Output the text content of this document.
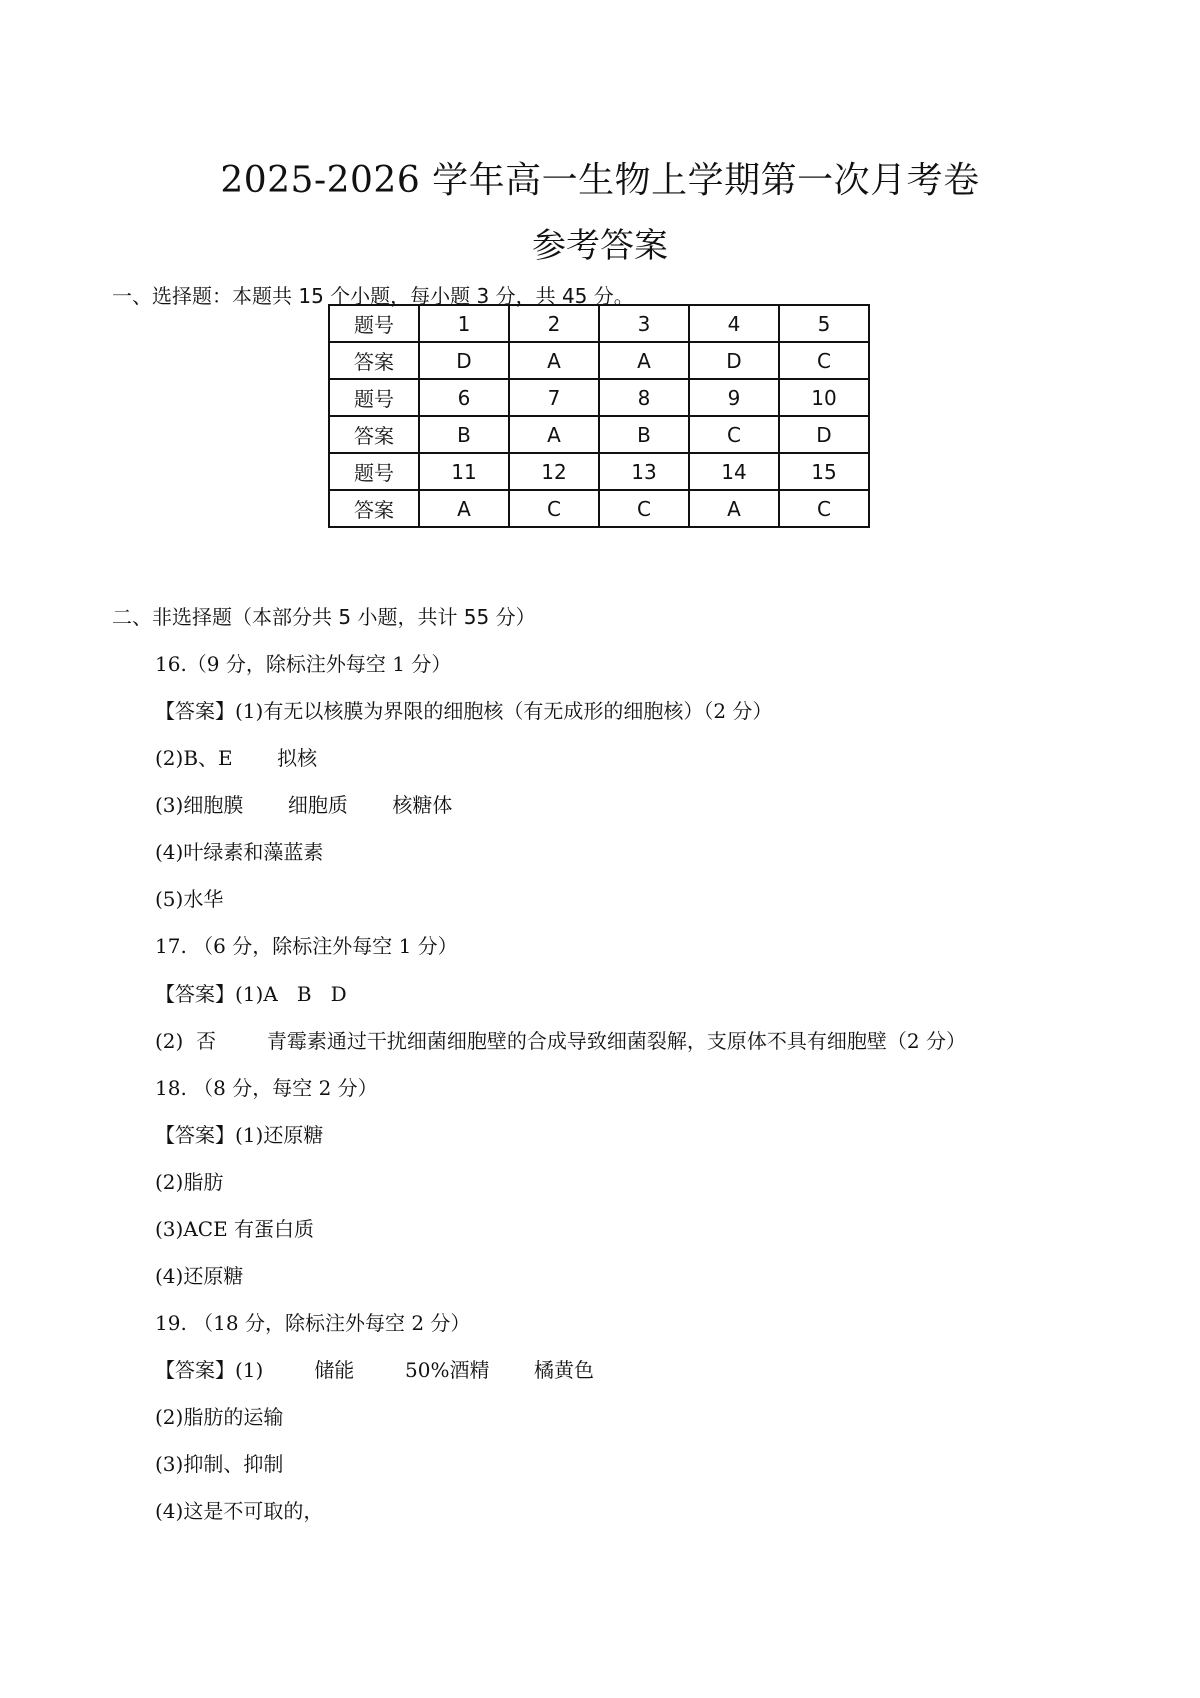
2025-2026 学年高一生物上学期第一次月考卷
参考答案
一、选择题：本题共 15 个小题，每小题 3 分，共 45 分。
题号	1	2	3	4	5
答案	D	A	A	D	C
题号	6	7	8	9	10
答案	B	A	B	C	D
题号	11	12	13	14	15
答案	A	C	C	A	C
二、非选择题（本部分共 5 小题，共计 55 分）
16.（9 分，除标注外每空 1 分）
【答案】(1)有无以核膜为界限的细胞核（有无成形的细胞核）（2 分）
(2)B、E       拟核
(3)细胞膜       细胞质       核糖体
(4)叶绿素和藻蓝素
(5)水华
17. （6 分，除标注外每空 1 分）
【答案】(1)A   B   D
(2)  否        青霉素通过干扰细菌细胞壁的合成导致细菌裂解，支原体不具有细胞壁（2 分）
18. （8 分，每空 2 分）
【答案】(1)还原糖
(2)脂肪
(3)ACE 有蛋白质
(4)还原糖
19. （18 分，除标注外每空 2 分）
【答案】(1)        储能        50%酒精       橘黄色
(2)脂肪的运输
(3)抑制、抑制
(4)这是不可取的，
